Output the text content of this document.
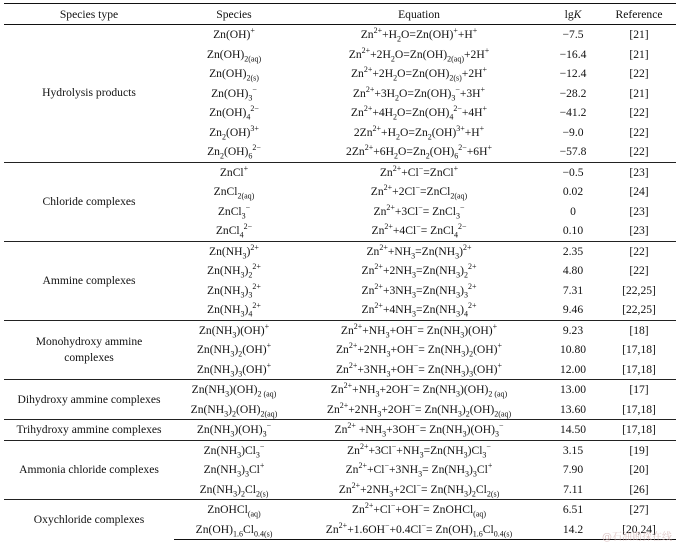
Species type	Species	Equation	lgK	Reference
Hydrolysis products	Zn(OH)+	$Zn^{2+}+H_2O=Zn(OH)^++H^+$	−7.5	[21]
	$Zn(OH)_{2(aq)}$	$Zn^{2+}+2H_2O=Zn(OH)_{2(aq)}+2H^+$	−16.4	[21]
	$Zn(OH)_{2(s)}$	$Zn^{2+}+2H_2O=Zn(OH)_{2(s)}+2H^+$	−12.4	[22]
	$Zn(OH)_3^-$	$Zn^{2+}+3H_2O=Zn(OH)_3^-+3H^+$	−28.2	[21]
	$Zn(OH)_4^{2-}$	$Zn^{2+}+4H_2O=Zn(OH)_4^{2-}+4H^+$	−41.2	[22]
	$Zn_2(OH)^{3+}$	$2Zn^{2+}+H_2O=Zn_2(OH)^{3+}+H^+$	−9.0	[22]
	$Zn_2(OH)_6^{2-}$	$2Zn^{2+}+6H_2O=Zn_2(OH)_6^{2-}+6H^+$	−57.8	[22]
Chloride complexes	ZnCl+	$Zn^{2+}+Cl^-=ZnCl^+$	−0.5	[23]
	ZnCl$_{2(aq)}$	$Zn^{2+}+2Cl^-=ZnCl_{2(aq)}$	0.02	[24]
	ZnCl$_3$−	$Zn^{2+}+3Cl^-=$ ZnCl$_3$−	0	[23]
	ZnCl$_4^{2-}$	$Zn^{2+}+4Cl^-=$ ZnCl$_4^{2-}$	0.10	[23]
Ammine complexes	$Zn(NH_3)^{2+}$	$Zn^{2+}+NH_3=Zn(NH_3)^{2+}$	2.35	[22]
	$Zn(NH_3)_2^{2+}$	$Zn^{2+}+2NH_3=Zn(NH_3)_2^{2+}$	4.80	[22]
	$Zn(NH_3)_3^{2+}$	$Zn^{2+}+3NH_3=Zn(NH_3)_3^{2+}$	7.31	[22,25]
	$Zn(NH_3)_4^{2+}$	$Zn^{2+}+4NH_3=Zn(NH_3)_4^{2+}$	9.46	[22,25]
Monohydroxy ammine complexes	$Zn(NH_3)(OH)^+$	$Zn^{2+}+NH_3+OH^-= Zn(NH_3)(OH)^+$	9.23	[18]
	$Zn(NH_3)_2(OH)^+$	$Zn^{2+}+2NH_3+OH^-= Zn(NH_3)_2(OH)^+$	10.80	[17,18]
	$Zn(NH_3)_3(OH)^+$	$Zn^{2+}+3NH_3+OH^-= Zn(NH_3)_3(OH)^+$	12.00	[17,18]
Dihydroxy ammine complexes	$Zn(NH_3)(OH)_{2 (aq)}$	$Zn^{2+}+NH_3+2OH^-= Zn(NH_3)(OH)_{2 (aq)}$	13.00	[17]
	$Zn(NH_3)_2(OH)_{2(aq)}$	$Zn^{2+}+2NH_3+2OH^-= Zn(NH_3)_2(OH)_{2(aq)}$	13.60	[17,18]
Trihydroxy ammine complexes	$Zn(NH_3)(OH)_3^-$	$Zn^{2+} +NH_3+3OH^-= Zn(NH_3)(OH)_3^-$	14.50	[17,18]
Ammonia chloride complexes	$Zn(NH_3)Cl_3^-$	$Zn^{2+}+3Cl^-+NH_3=Zn(NH_3)Cl_3^-$	3.15	[19]
	$Zn(NH_3)_3Cl^+$	$Zn^{2+}+Cl^-+3NH_3= Zn(NH_3)_3Cl^+$	7.90	[20]
	$Zn(NH_3)_2Cl_{2(s)}$	$Zn^{2+}+2NH_3+2Cl^-= Zn(NH_3)_2Cl_{2(s)}$	7.11	[26]
Oxychloride complexes	ZnOHCl$_{(aq)}$	$Zn^{2+}+Cl^-+OH^-=$ ZnOHCl$_{(aq)}$	6.51	[27]
	$Zn(OH)_{1.6}Cl_{0.4(s)}$	$Zn^{2+}+1.6OH^-+0.4Cl^-= Zn(OH)_{1.6}Cl_{0.4(s)}$	14.2	[20,24]
@石油勘探在线
